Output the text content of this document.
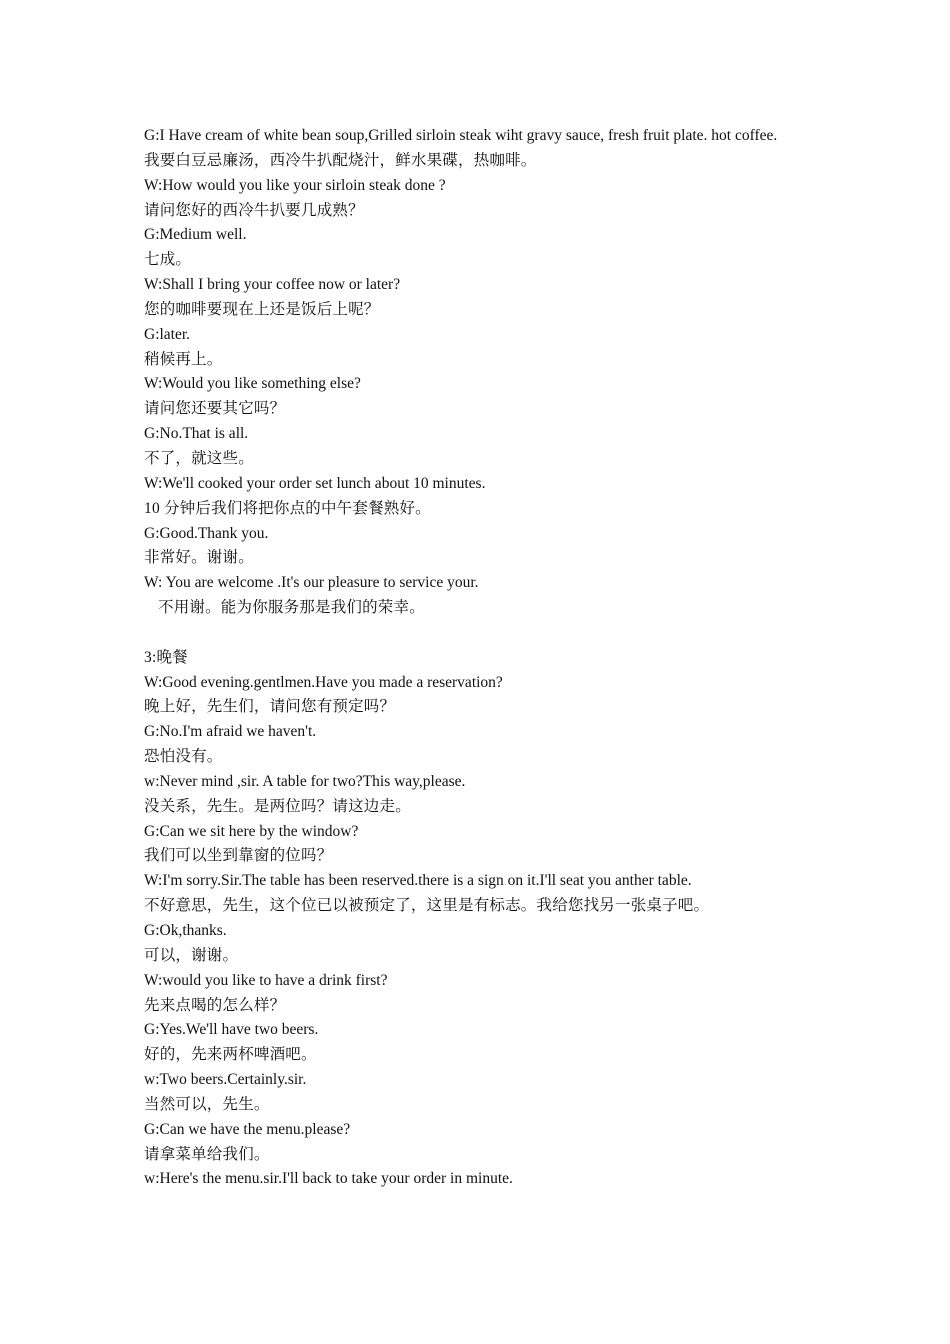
G:I Have cream of white bean soup,Grilled sirloin steak wiht gravy sauce, fresh fruit plate. hot coffee.
我要白豆忌廉汤，西冷牛扒配烧汁，鲜水果碟，热咖啡。
W:How would you like your sirloin steak done ?
请问您好的西冷牛扒要几成熟？
G:Medium well.
七成。
W:Shall I bring your coffee now or later?
您的咖啡要现在上还是饭后上呢？
G:later.
稍候再上。
W:Would you like something else?
请问您还要其它吗？
G:No.That is all.
不了，就这些。
W:We'll cooked your order set lunch about 10 minutes.
10 分钟后我们将把你点的中午套餐熟好。
G:Good.Thank you.
非常好。谢谢。
W: You are welcome .It's our pleasure to service your.
不用谢。能为你服务那是我们的荣幸。
3:晚餐
W:Good evening.gentlmen.Have you made a reservation?
晚上好，先生们，请问您有预定吗？
G:No.I'm afraid we haven't.
恐怕没有。
w:Never mind ,sir. A table for two?This way,please.
没关系，先生。是两位吗？请这边走。
G:Can we sit here by the window?
我们可以坐到靠窗的位吗？
W:I'm sorry.Sir.The table has been reserved.there is a sign on it.I'll seat you anther table.
不好意思，先生，这个位已以被预定了，这里是有标志。我给您找另一张桌子吧。
G:Ok,thanks.
可以，谢谢。
W:would you like to have a drink first?
先来点喝的怎么样？
G:Yes.We'll have two beers.
好的，先来两杯啤酒吧。
w:Two beers.Certainly.sir.
当然可以，先生。
G:Can we have the menu.please?
请拿菜单给我们。
w:Here's the menu.sir.I'll back to take your order in minute.
